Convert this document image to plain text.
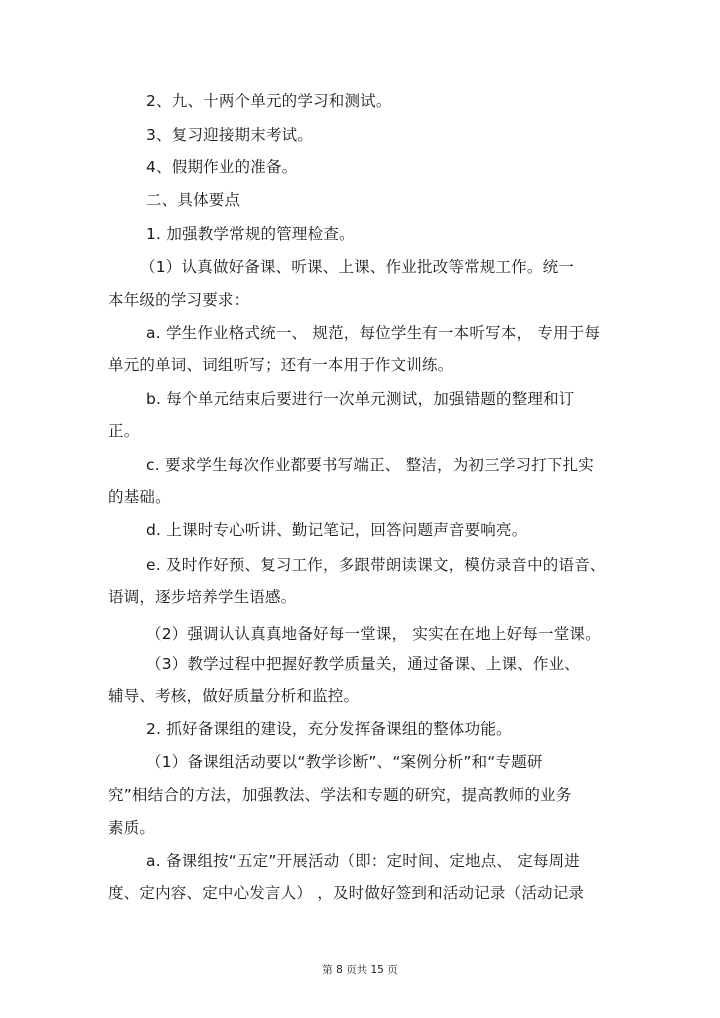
2、九、十两个单元的学习和测试。
3、复习迎接期末考试。
4、假期作业的准备。
二、具体要点
1. 加强教学常规的管理检查。
（1）认真做好备课、听课、上课、作业批改等常规工作。统一
本年级的学习要求：
a. 学生作业格式统一、 规范，每位学生有一本听写本， 专用于每
单元的单词、词组听写；还有一本用于作文训练。
b. 每个单元结束后要进行一次单元测试，加强错题的整理和订
正。
c. 要求学生每次作业都要书写端正、 整洁，为初三学习打下扎实
的基础。
d. 上课时专心听讲、勤记笔记，回答问题声音要响亮。
e. 及时作好预、复习工作，多跟带朗读课文，模仿录音中的语音、
语调，逐步培养学生语感。
（2）强调认认真真地备好每一堂课， 实实在在地上好每一堂课。
（3）教学过程中把握好教学质量关，通过备课、上课、作业、
辅导、考核，做好质量分析和监控。
2. 抓好备课组的建设，充分发挥备课组的整体功能。
（1）备课组活动要以“教学诊断”、“案例分析”和“专题研
究”相结合的方法，加强教法、学法和专题的研究，提高教师的业务
素质。
a. 备课组按“五定”开展活动（即：定时间、定地点、 定每周进
度、定内容、定中心发言人） ，及时做好签到和活动记录（活动记录
第 8 页共 15 页
